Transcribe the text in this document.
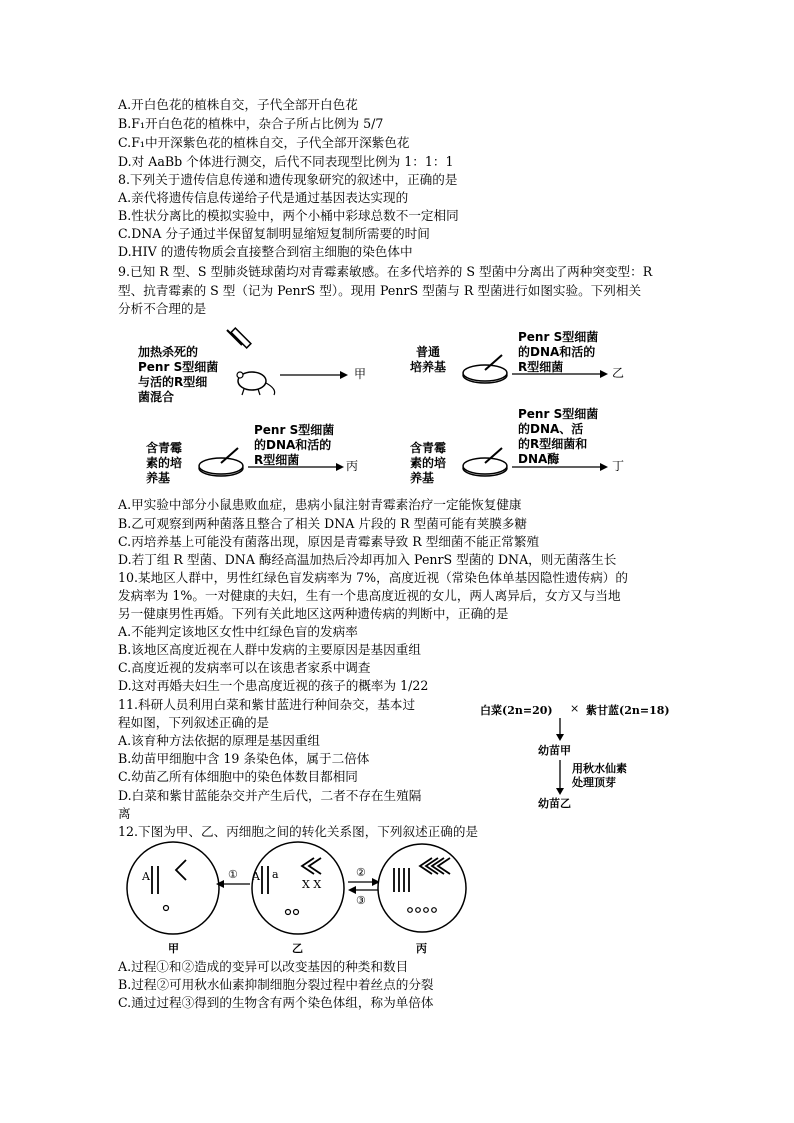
A.开白色花的植株自交，子代全部开白色花
B.F₁开白色花的植株中，杂合子所占比例为 5/7
C.F₁中开深紫色花的植株自交，子代全部开深紫色花
D.对 AaBb 个体进行测交，后代不同表现型比例为 1：1：1
8.下列关于遗传信息传递和遗传现象研究的叙述中，正确的是
A.亲代将遗传信息传递给子代是通过基因表达实现的
B.性状分离比的模拟实验中，两个小桶中彩球总数不一定相同
C.DNA 分子通过半保留复制明显缩短复制所需要的时间
D.HIV 的遗传物质会直接整合到宿主细胞的染色体中
9.已知 R 型、S 型肺炎链球菌均对青霉素敏感。在多代培养的 S 型菌中分离出了两种突变型：R
型、抗青霉素的 S 型（记为 PenrS 型）。现用 PenrS 型菌与 R 型菌进行如图实验。下列相关
分析不合理的是
加热杀死的
Penr S型细菌
与活的R型细
菌混合
甲
普通
培养基
Penr S型细菌
的DNA和活的
R型细菌	乙
含青霉
素的培
养基
Penr S型细菌
的DNA和活的
R型细菌	丙
含青霉
素的培
养基
Penr S型细菌
的DNA、活
的R型细菌和
DNA酶	丁
A.甲实验中部分小鼠患败血症，患病小鼠注射青霉素治疗一定能恢复健康
B.乙可观察到两种菌落且整合了相关 DNA 片段的 R 型菌可能有荚膜多糖
C.丙培养基上可能没有菌落出现，原因是青霉素导致 R 型细菌不能正常繁殖
D.若丁组 R 型菌、DNA 酶经高温加热后冷却再加入 PenrS 型菌的 DNA，则无菌落生长
10.某地区人群中，男性红绿色盲发病率为 7%，高度近视（常染色体单基因隐性遗传病）的
发病率为 1%。一对健康的夫妇，生有一个患高度近视的女儿，两人离异后，女方又与当地
另一健康男性再婚。下列有关此地区这两种遗传病的判断中，正确的是
A.不能判定该地区女性中红绿色盲的发病率
B.该地区高度近视在人群中发病的主要原因是基因重组
C.高度近视的发病率可以在该患者家系中调查
D.这对再婚夫妇生一个患高度近视的孩子的概率为 1/22
11.科研人员利用白菜和紫甘蓝进行种间杂交，基本过
程如图，下列叙述正确的是
A.该育种方法依据的原理是基因重组
B.幼苗甲细胞中含 19 条染色体，属于二倍体
C.幼苗乙所有体细胞中的染色体数目都相同
D.白菜和紫甘蓝能杂交并产生后代，二者不存在生殖隔
离
白菜(2n=20) × 紫甘蓝(2n=18)
幼苗甲
用秋水仙素
处理顶芽
幼苗乙
12.下图为甲、乙、丙细胞之间的转化关系图，下列叙述正确的是
A	A a
X X
①	②
③
甲	乙	丙
A.过程①和②造成的变异可以改变基因的种类和数目
B.过程②可用秋水仙素抑制细胞分裂过程中着丝点的分裂
C.通过过程③得到的生物含有两个染色体组，称为单倍体
